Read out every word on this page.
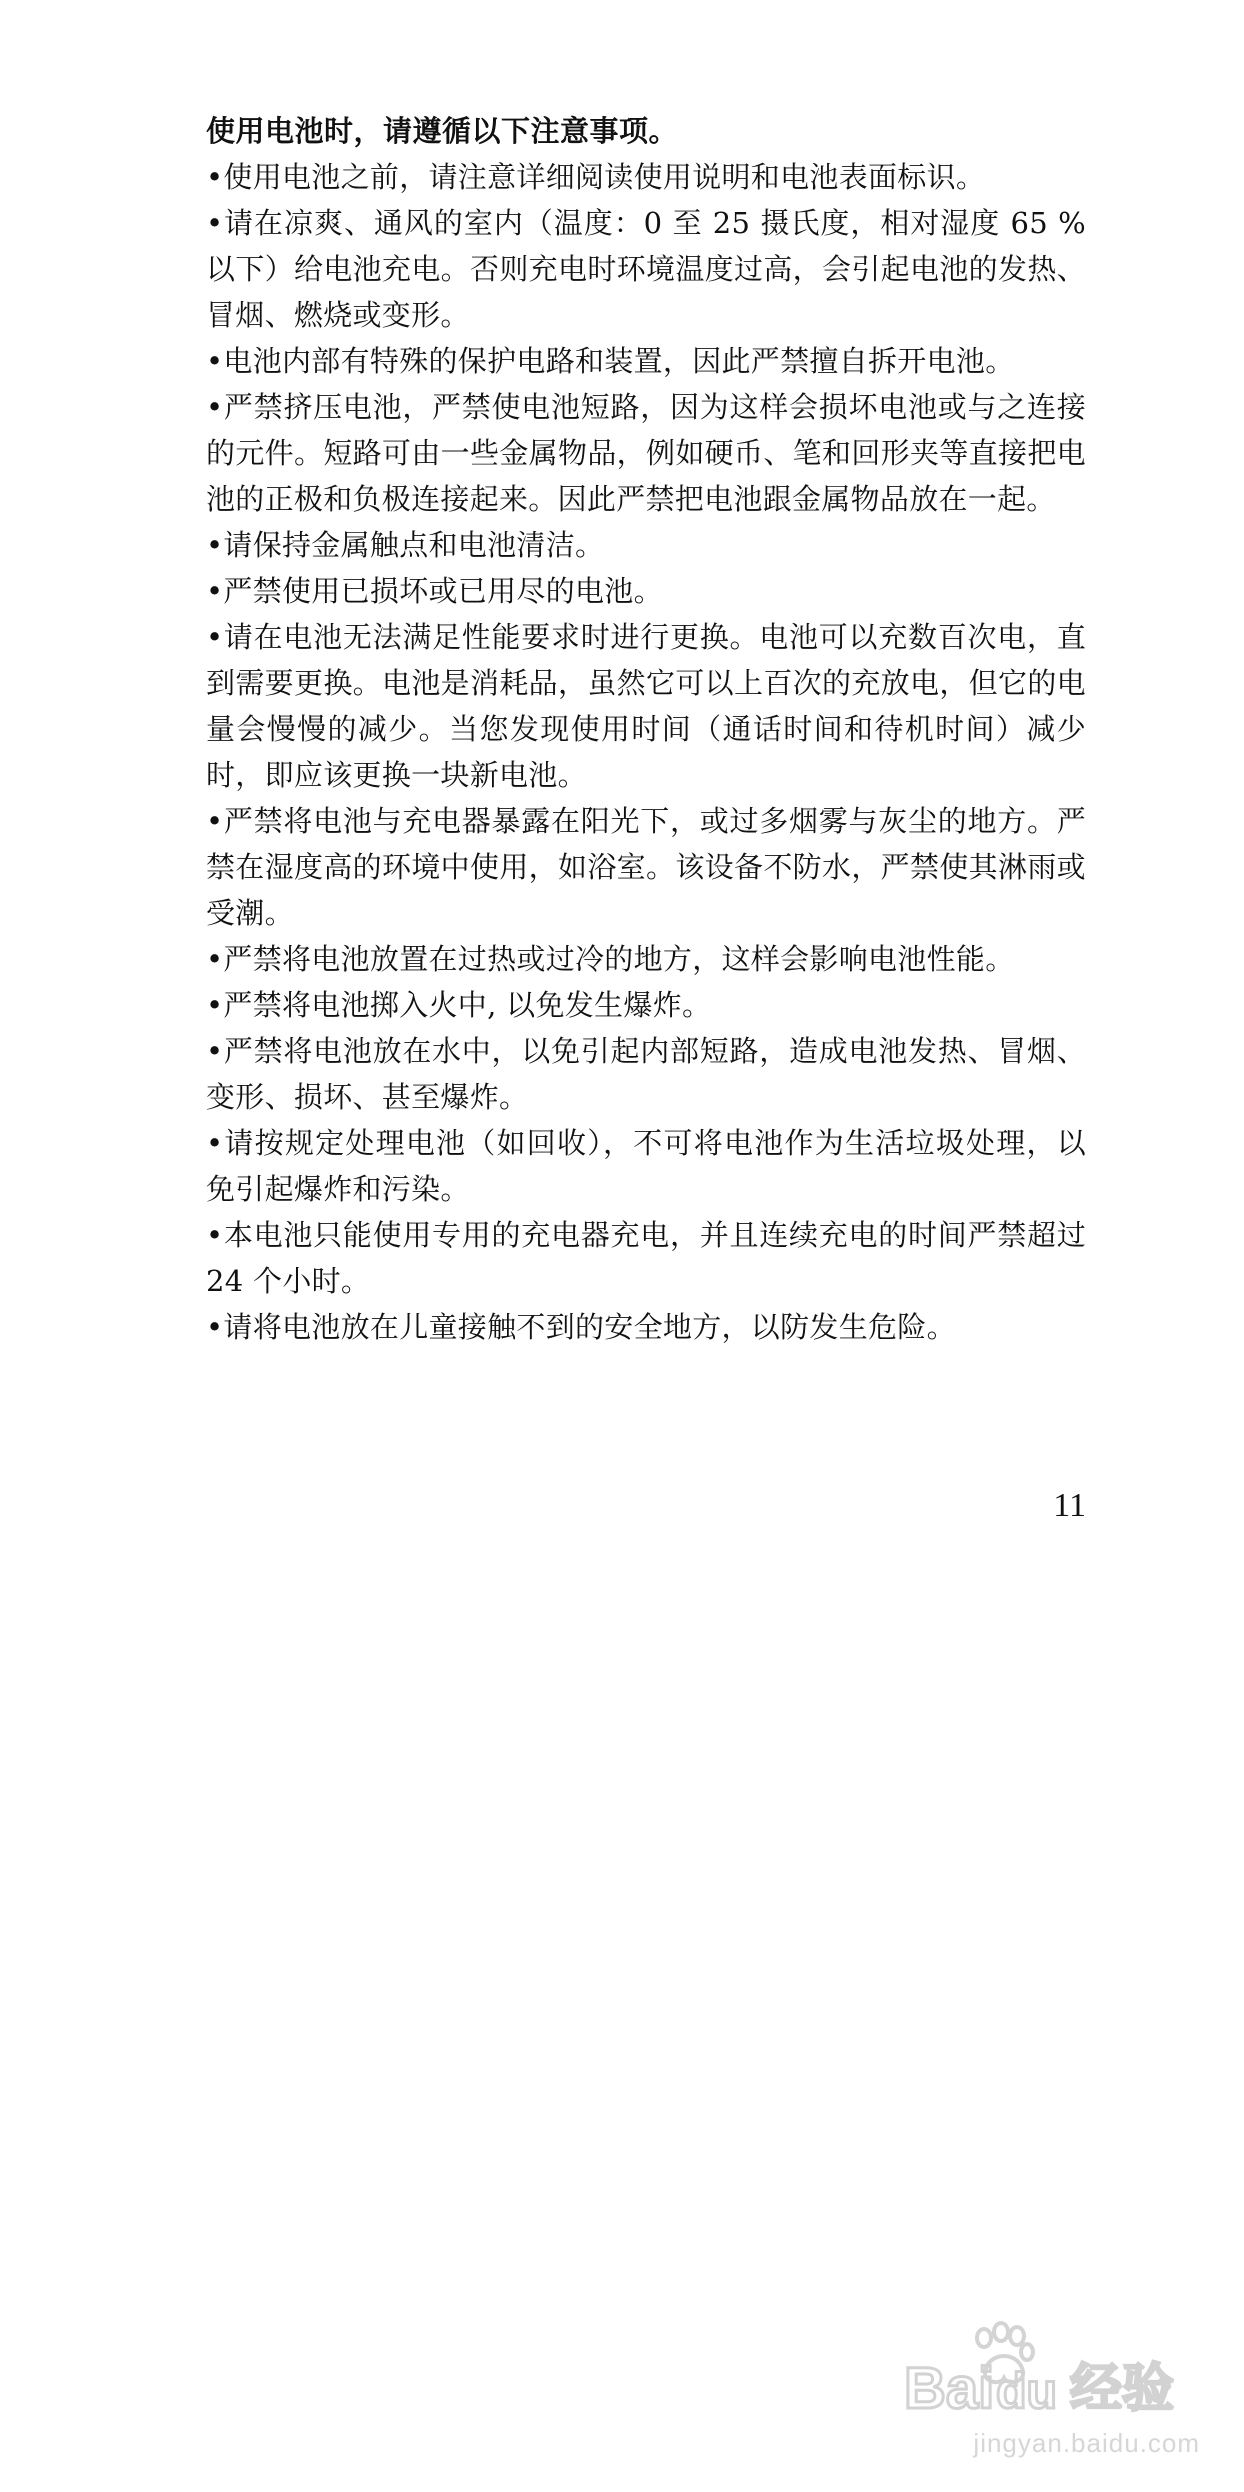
使用电池时，请遵循以下注意事项。

•使用电池之前，请注意详细阅读使用说明和电池表面标识。
•请在凉爽、通风的室内（温度：0 至 25 摄氏度，相对湿度 65 %以下）给电池充电。否则充电时环境温度过高，会引起电池的发热、冒烟、燃烧或变形。
•电池内部有特殊的保护电路和装置，因此严禁擅自拆开电池。
•严禁挤压电池，严禁使电池短路，因为这样会损坏电池或与之连接的元件。短路可由一些金属物品，例如硬币、笔和回形夹等直接把电池的正极和负极连接起来。因此严禁把电池跟金属物品放在一起。
•请保持金属触点和电池清洁。
•严禁使用已损坏或已用尽的电池。
•请在电池无法满足性能要求时进行更换。电池可以充数百次电，直到需要更换。电池是消耗品，虽然它可以上百次的充放电，但它的电量会慢慢的减少。当您发现使用时间（通话时间和待机时间）减少时，即应该更换一块新电池。
•严禁将电池与充电器暴露在阳光下，或过多烟雾与灰尘的地方。严禁在湿度高的环境中使用，如浴室。该设备不防水，严禁使其淋雨或受潮。
•严禁将电池放置在过热或过冷的地方，这样会影响电池性能。
•严禁将电池掷入火中, 以免发生爆炸。
•严禁将电池放在水中，以免引起内部短路，造成电池发热、冒烟、变形、损坏、甚至爆炸。
•请按规定处理电池（如回收），不可将电池作为生活垃圾处理，以免引起爆炸和污染。
•本电池只能使用专用的充电器充电，并且连续充电的时间严禁超过 24 个小时。
•请将电池放在儿童接触不到的安全地方，以防发生危险。
11
Bai du 经验
jingyan.baidu.com
